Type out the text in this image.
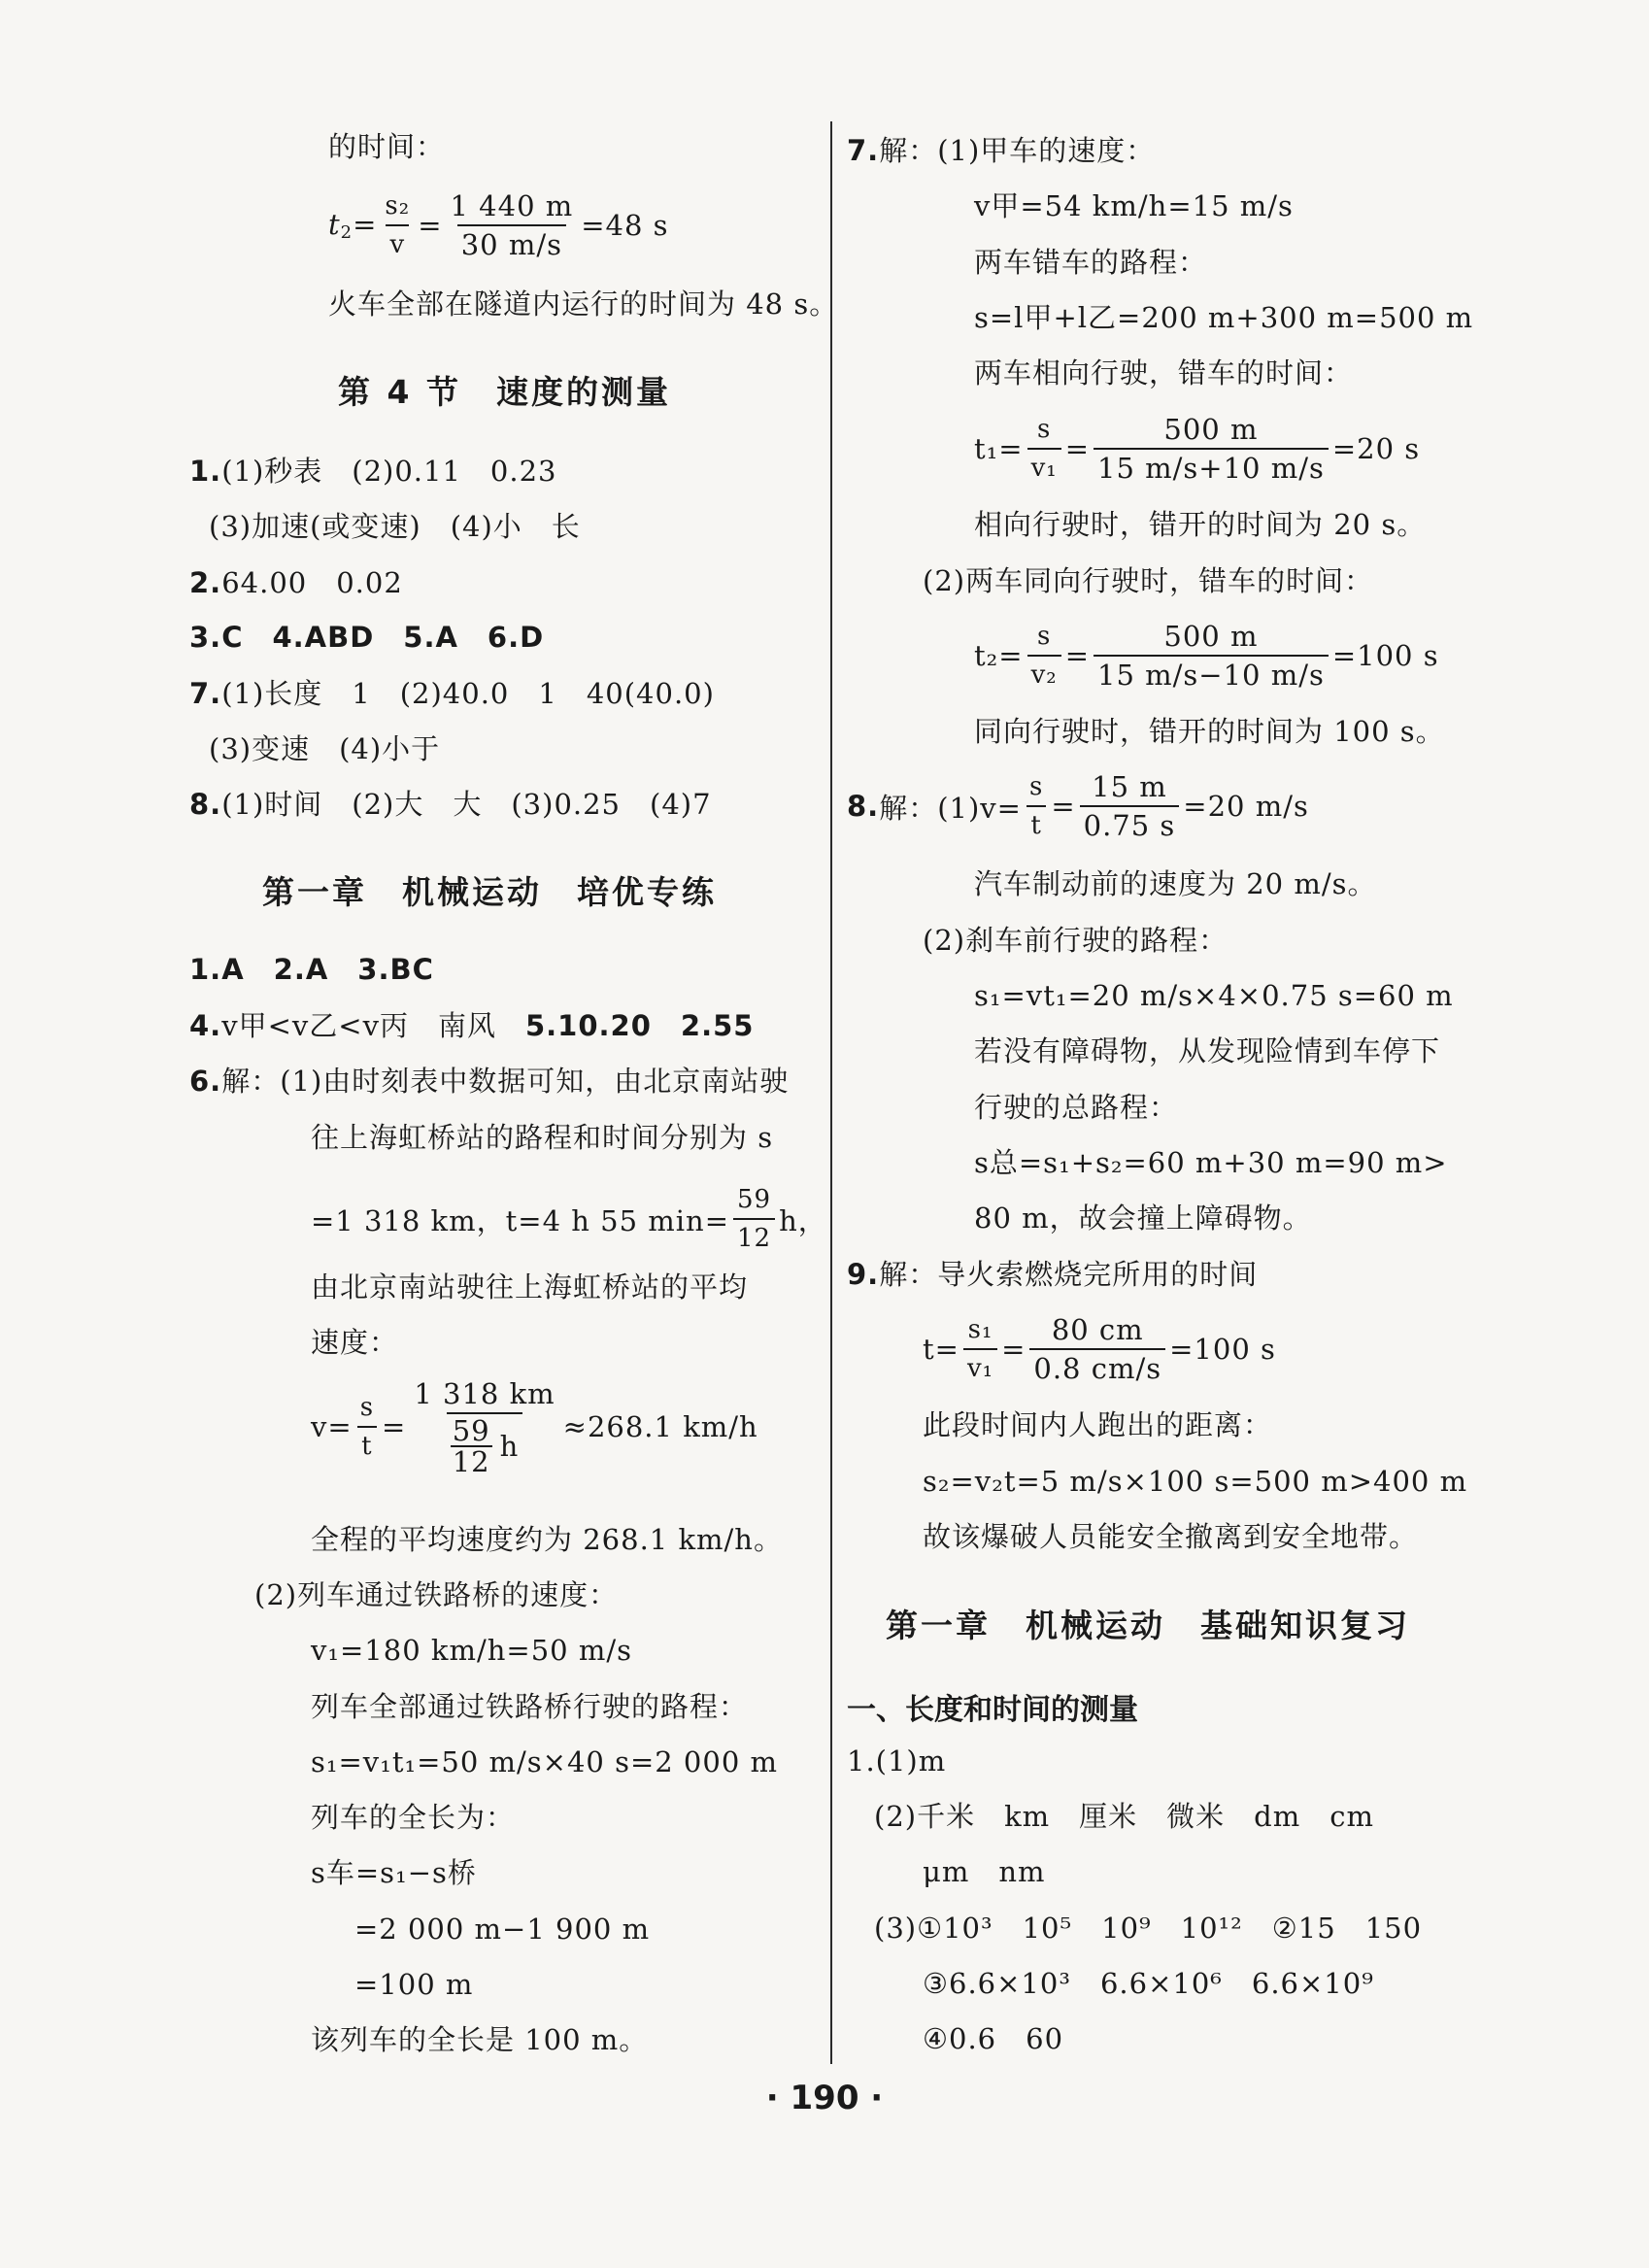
的时间：
$t_2= \frac{\text{s₂}}{v} = \frac{1 440 m}{30 m/s} =48$ s
火车全部在隧道内运行的时间为 48 s。
第 4 节　速度的测量
1.(1)秒表　(2)0.11　0.23
(3)加速(或变速)　(4)小　长
2.64.00　0.02
3.C　4.ABD　5.A　6.D
7.(1)长度　1　(2)40.0　1　40(40.0)
(3)变速　(4)小于
8.(1)时间　(2)大　大　(3)0.25　(4)7
第一章　机械运动　培优专练
1.A　2.A　3.BC
4.v甲<v乙<v丙　南风　 5.10.20　2.55
6.解：(1)由时刻表中数据可知，由北京南站驶
往上海虹桥站的路程和时间分别为 s
=1 318 km，t=4 h 55 $\min= \frac{59}{12}$ h，
由北京南站驶往上海虹桥站的平均
速度：
$v= \frac{s}{t} = 1$ 318 km
59
12 h ≈268.1 km/h
全程的平均速度约为 268.1 km/h。
(2)列车通过铁路桥的速度：
v₁=180 km/h=50 m/s
列车全部通过铁路桥行驶的路程：
s₁=v₁t₁=50 m/s×40 s=2 000 m
列车的全长为：
s车=s₁−s桥
=2 000 m−1 900 m
=100 m
该列车的全长是 100 m。
7.解：(1)甲车的速度：
v甲=54 km/h=15 m/s
两车错车的路程：
s=l甲+l乙=200 m+300 m=500 m
两车相向行驶，错车的时间：
$t_1= \frac{s}{\text{v₁}} = \frac{500 m}{15 m/s+10 m/s} =20$ s
相向行驶时，错开的时间为 20 s。
(2)两车同向行驶时，错车的时间：
$t_2= \frac{s}{\text{v₂}} = \frac{500 m}{15 m/s-10 m/s} =100$ s
同向行驶时，错开的时间为 100 s。
8. 解：$(1)v= \frac{s}{t} = \frac{15 m}{0.75 s} =20$ m/s
汽车制动前的速度为 20 m/s。
(2)刹车前行驶的路程：
s₁=vt₁=20 m/s×4×0.75 s=60 m
若没有障碍物，从发现险情到车停下
行驶的总路程：
s总=s₁+s₂=60 m+30 m=90 m>
80 m，故会撞上障碍物。
9.解：导火索燃烧完所用的时间
$t= \frac{\text{s₁}}{\text{v₁}} = \frac{80 cm}{0.8 cm/s} =100$ s
此段时间内人跑出的距离：
s₂=v₂t=5 m/s×100 s=500 m>400 m
故该爆破人员能安全撤离到安全地带。
第一章　机械运动　基础知识复习
一、长度和时间的测量
1.(1)m
(2)千米　km　厘米　微米　dm　cm
μm　nm
(3)①10³　10⁵　10⁹　10¹²　②15　150
③6.6×10³　6.6×10⁶　6.6×10⁹
④0.6　60
· 190 ·
